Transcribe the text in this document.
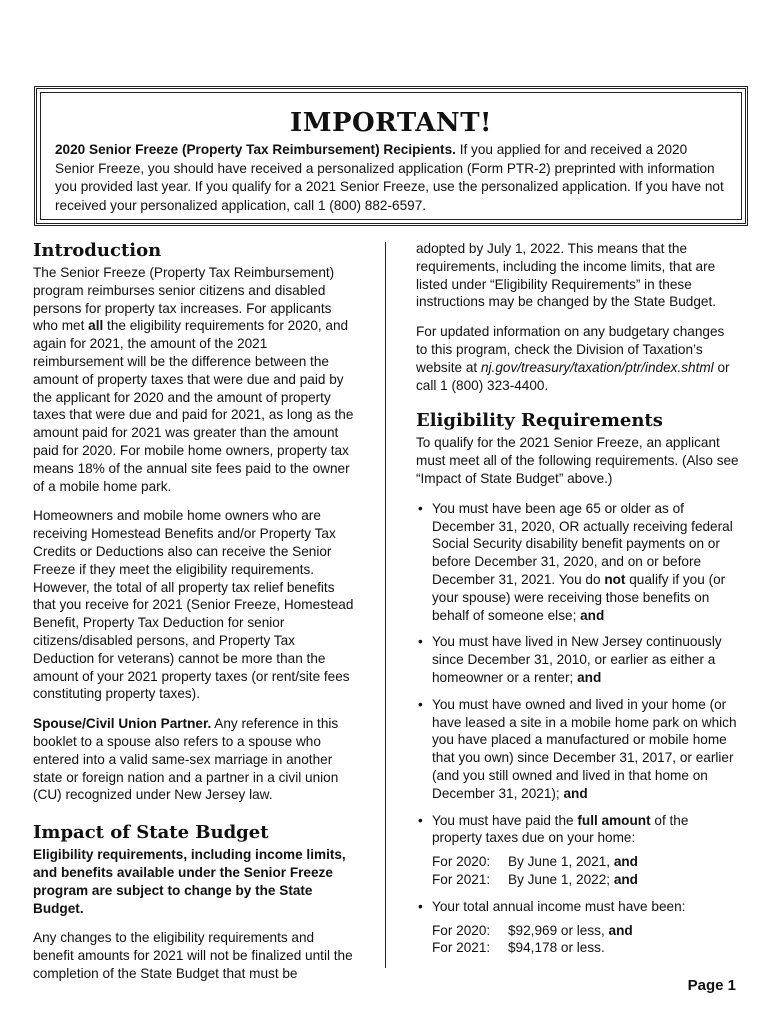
IMPORTANT!

2020 Senior Freeze (Property Tax Reimbursement) Recipients. If you applied for and received a 2020 Senior Freeze, you should have received a personalized application (Form PTR-2) preprinted with information you provided last year. If you qualify for a 2021 Senior Freeze, use the personalized application. If you have not received your personalized application, call 1 (800) 882-6597.

Introduction

The Senior Freeze (Property Tax Reimbursement) program reimburses senior citizens and disabled persons for property tax increases. For applicants who met all the eligibility requirements for 2020, and again for 2021, the amount of the 2021 reimbursement will be the difference between the amount of property taxes that were due and paid by the applicant for 2020 and the amount of property taxes that were due and paid for 2021, as long as the amount paid for 2021 was greater than the amount paid for 2020. For mobile home owners, property tax means 18% of the annual site fees paid to the owner of a mobile home park.

Homeowners and mobile home owners who are receiving Homestead Benefits and/or Property Tax Credits or Deductions also can receive the Senior Freeze if they meet the eligibility requirements. However, the total of all property tax relief benefits that you receive for 2021 (Senior Freeze, Homestead Benefit, Property Tax Deduction for senior citizens/disabled persons, and Property Tax Deduction for veterans) cannot be more than the amount of your 2021 property taxes (or rent/site fees constituting property taxes).

Spouse/Civil Union Partner. Any reference in this booklet to a spouse also refers to a spouse who entered into a valid same-sex marriage in another state or foreign nation and a partner in a civil union (CU) recognized under New Jersey law.

Impact of State Budget

Eligibility requirements, including income limits, and benefits available under the Senior Freeze program are subject to change by the State Budget.

Any changes to the eligibility requirements and benefit amounts for 2021 will not be finalized until the completion of the State Budget that must be

adopted by July 1, 2022. This means that the requirements, including the income limits, that are listed under “Eligibility Requirements” in these instructions may be changed by the State Budget.

For updated information on any budgetary changes to this program, check the Division of Taxation’s website at nj.gov/treasury/taxation/ptr/index.shtml or call 1 (800) 323-4400.

Eligibility Requirements

To qualify for the 2021 Senior Freeze, an applicant must meet all of the following requirements. (Also see “Impact of State Budget” above.)

• You must have been age 65 or older as of December 31, 2020, OR actually receiving federal Social Security disability benefit payments on or before December 31, 2020, and on or before December 31, 2021. You do not qualify if you (or your spouse) were receiving those benefits on behalf of someone else; and
• You must have lived in New Jersey continuously since December 31, 2010, or earlier as either a homeowner or a renter; and
• You must have owned and lived in your home (or have leased a site in a mobile home park on which you have placed a manufactured or mobile home that you own) since December 31, 2017, or earlier (and you still owned and lived in that home on December 31, 2021); and
• You must have paid the full amount of the property taxes due on your home:
For 2020:	By June 1, 2021, and
For 2021:	By June 1, 2022; and
• Your total annual income must have been:
For 2020:	$92,969 or less, and
For 2021:	$94,178 or less.
Page 1
